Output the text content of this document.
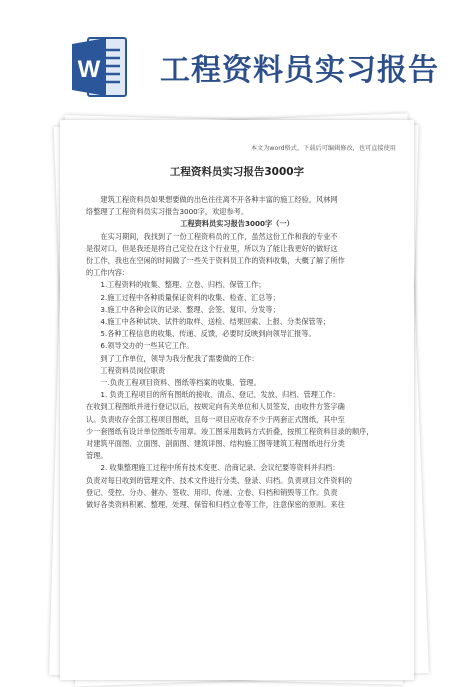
W 工程资料员实习报告
本文为word格式，下载后可编辑修改，也可直接使用
工程资料员实习报告3000字

建筑工程资料员如果想要做的出色往往离不开各种丰富的施工经验，风林网

络整理了工程资料员实习报告3000字，欢迎参考。

工程资料员实习报告3000字（一）

在实习期间，我找到了一份工程资料员的工作，虽然这份工作和我的专业不

是很对口，但是我还是将自己定位在这个行业里，所以为了能让我更好的做好这

份工作，我也在空闲的时间做了一些关于资料员工作的资料收集，大概了解了所作

的工作内容：

1.工程资料的收集、整理、立卷、归档、保管工作；

2.施工过程中各种质量保证资料的收集、检查、汇总等；

3.施工中各种会议的记录、整理、会签、复印、分发等；

4.施工中各种试块、试件的取样、送检、结果回索、上报、分类保管等；

5.各种工程信息的收集、传递、反馈，必要时反映到向领导汇报等。

6.领导交办的一些其它工作。

到了工作单位，领导为我分配我了需要做的工作：

工程资料员岗位职责

一.负责工程项目资料、图纸等档案的收集、管理。

1. 负责工程项目的所有图纸的接收、清点、登记、发放、归档、管理工作：

在收到工程图纸并进行登记以后，按规定向有关单位和人员签发，由收件方签字确

认。负责收存全部工程项目图纸，且每一项目应收存不少于两套正式图纸，其中至

少一套图纸有设计单位图纸专用章。竣工图采用数码方式折叠，按照工程资料目录的顺序，

对建筑平面图、立面图、剖面图、建筑详图、结构施工图等建筑工程图纸进行分类

管理。

2. 收集整理施工过程中所有技术变更、洽商记录、会议纪要等资料并归档：

负责对每日收到的管理文件、技术文件进行分类、登录、归档。负责项目文件资料的

登记、受控、分办、催办、签收、用印、传递、立卷、归档和销毁等工作。负责

做好各类资料积累、整理、处理、保管和归档立卷等工作，注意保密的原则。来往
